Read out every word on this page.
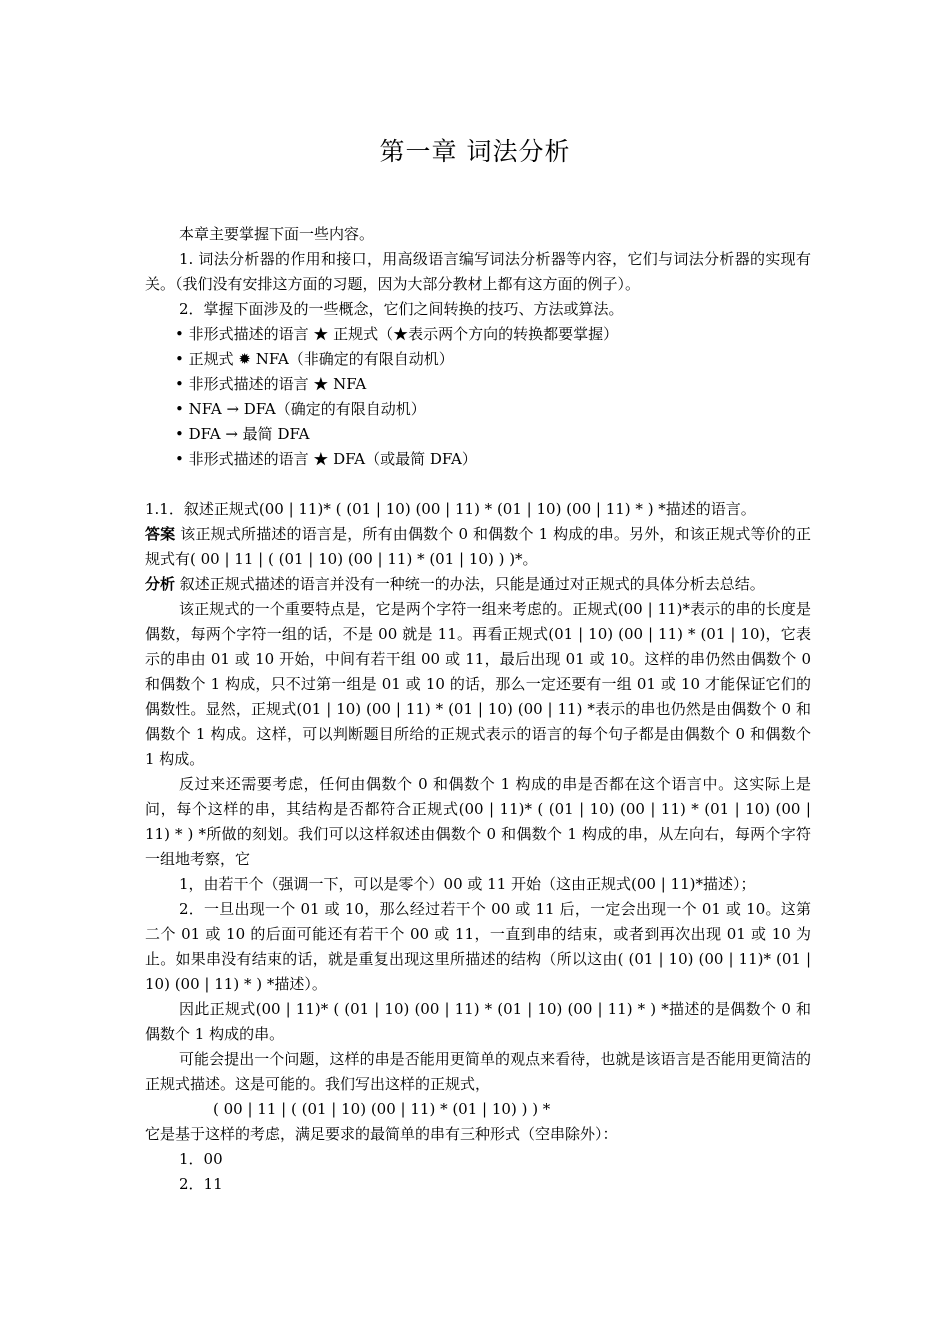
第一章 词法分析

本章主要掌握下面一些内容。

1. 词法分析器的作用和接口，用高级语言编写词法分析器等内容，它们与词法分析器的实现有关。（我们没有安排这方面的习题，因为大部分教材上都有这方面的例子）。

2．掌握下面涉及的一些概念，它们之间转换的技巧、方法或算法。

• 非形式描述的语言 ★ 正规式（★表示两个方向的转换都要掌握）

• 正规式 ✹ NFA（非确定的有限自动机）

• 非形式描述的语言 ★ NFA

• NFA → DFA（确定的有限自动机）

• DFA → 最简 DFA

• 非形式描述的语言 ★ DFA（或最简 DFA）

1.1．叙述正规式(00 | 11)* ( (01 | 10) (00 | 11) * (01 | 10) (00 | 11) * ) *描述的语言。

答案 该正规式所描述的语言是，所有由偶数个 0 和偶数个 1 构成的串。另外，和该正规式等价的正规式有( 00 | 11 | ( (01 | 10) (00 | 11) * (01 | 10) ) )*。

分析 叙述正规式描述的语言并没有一种统一的办法，只能是通过对正规式的具体分析去总结。

该正规式的一个重要特点是，它是两个字符一组来考虑的。正规式(00 | 11)*表示的串的长度是偶数，每两个字符一组的话，不是 00 就是 11。再看正规式(01 | 10) (00 | 11) * (01 | 10)，它表示的串由 01 或 10 开始，中间有若干组 00 或 11，最后出现 01 或 10。这样的串仍然由偶数个 0 和偶数个 1 构成，只不过第一组是 01 或 10 的话，那么一定还要有一组 01 或 10 才能保证它们的偶数性。显然，正规式(01 | 10) (00 | 11) * (01 | 10) (00 | 11) *表示的串也仍然是由偶数个 0 和偶数个 1 构成。这样，可以判断题目所给的正规式表示的语言的每个句子都是由偶数个 0 和偶数个 1 构成。

反过来还需要考虑，任何由偶数个 0 和偶数个 1 构成的串是否都在这个语言中。这实际上是问，每个这样的串，其结构是否都符合正规式(00 | 11)* ( (01 | 10) (00 | 11) * (01 | 10) (00 | 11) * ) *所做的刻划。我们可以这样叙述由偶数个 0 和偶数个 1 构成的串，从左向右，每两个字符一组地考察，它

1，由若干个（强调一下，可以是零个）00 或 11 开始（这由正规式(00 | 11)*描述）；

2．一旦出现一个 01 或 10，那么经过若干个 00 或 11 后，一定会出现一个 01 或 10。这第二个 01 或 10 的后面可能还有若干个 00 或 11，一直到串的结束，或者到再次出现 01 或 10 为止。如果串没有结束的话，就是重复出现这里所描述的结构（所以这由( (01 | 10) (00 | 11)* (01 | 10) (00 | 11) * ) *描述）。

因此正规式(00 | 11)* ( (01 | 10) (00 | 11) * (01 | 10) (00 | 11) * ) *描述的是偶数个 0 和偶数个 1 构成的串。

可能会提出一个问题，这样的串是否能用更简单的观点来看待，也就是该语言是否能用更简洁的正规式描述。这是可能的。我们写出这样的正规式，

( 00 | 11 | ( (01 | 10) (00 | 11) * (01 | 10) ) ) *

它是基于这样的考虑，满足要求的最简单的串有三种形式（空串除外）：

1．00

2．11
